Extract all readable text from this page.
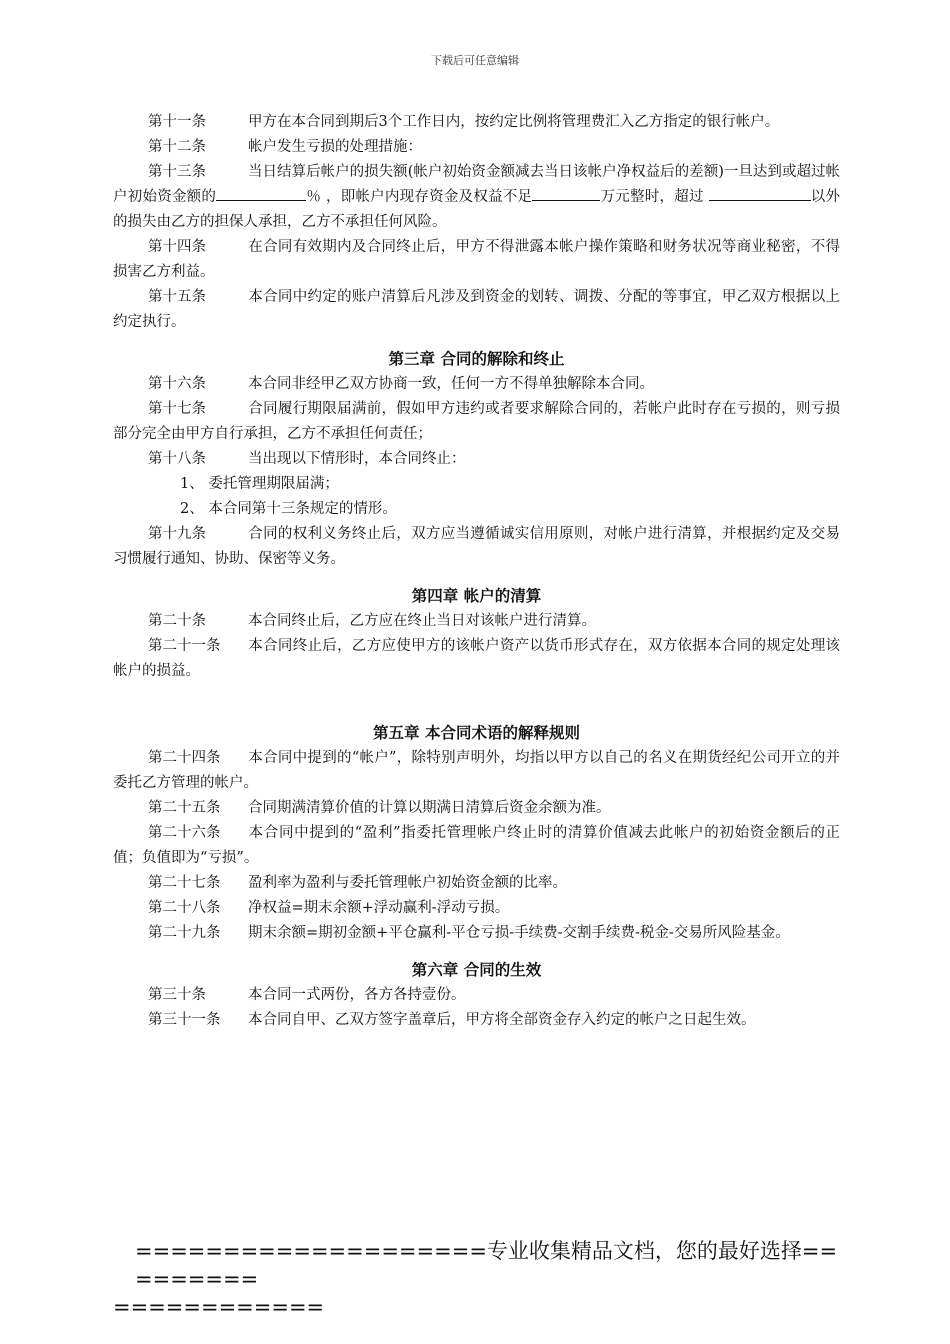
下载后可任意编辑

第十一条	甲方在本合同到期后3个工作日内，按约定比例将管理费汇入乙方指定的银行帐户。

第十二条	帐户发生亏损的处理措施：

第十三条	当日结算后帐户的损失额(帐户初始资金额减去当日该帐户净权益后的差额)一旦达到或超过帐户初始资金额的	％ ，即帐户内现存资金及权益不足	万元整时，超过	以外的损失由乙方的担保人承担，乙方不承担任何风险。

第十四条	在合同有效期内及合同终止后，甲方不得泄露本帐户操作策略和财务状况等商业秘密，不得损害乙方利益。

第十五条	本合同中约定的账户清算后凡涉及到资金的划转、调拨、分配的等事宜，甲乙双方根据以上约定执行。

第三章 合同的解除和终止

第十六条	本合同非经甲乙双方协商一致，任何一方不得单独解除本合同。

第十七条	合同履行期限届满前，假如甲方违约或者要求解除合同的，若帐户此时存在亏损的，则亏损部分完全由甲方自行承担，乙方不承担任何责任；

第十八条	当出现以下情形时，本合同终止：

1、 委托管理期限届满；

2、 本合同第十三条规定的情形。

第十九条	合同的权利义务终止后，双方应当遵循诚实信用原则，对帐户进行清算，并根据约定及交易习惯履行通知、协助、保密等义务。

第四章 帐户的清算

第二十条	本合同终止后，乙方应在终止当日对该帐户进行清算。

第二十一条 本合同终止后，乙方应使甲方的该帐户资产以货币形式存在，双方依据本合同的规定处理该帐户的损益。

第五章 本合同术语的解释规则

第二十四条 本合同中提到的“帐户”，除特别声明外，均指以甲方以自己的名义在期货经纪公司开立的并委托乙方管理的帐户。

第二十五条 合同期满清算价值的计算以期满日清算后资金余额为准。

第二十六条 本合同中提到的“盈利”指委托管理帐户终止时的清算价值减去此帐户的初始资金额后的正值；负值即为“亏损”。

第二十七条 盈利率为盈利与委托管理帐户初始资金额的比率。

第二十八条 净权益=期末余额+浮动赢利-浮动亏损。

第二十九条 期末余额=期初金额+平仓赢利-平仓亏损-手续费-交割手续费-税金-交易所风险基金。

第六章 合同的生效

第三十条	本合同一式两份，各方各持壹份。

第三十一条 本合同自甲、乙双方签字盖章后，甲方将全部资金存入约定的帐户之日起生效。

====================专业收集精品文档，您的最好选择=========
============
